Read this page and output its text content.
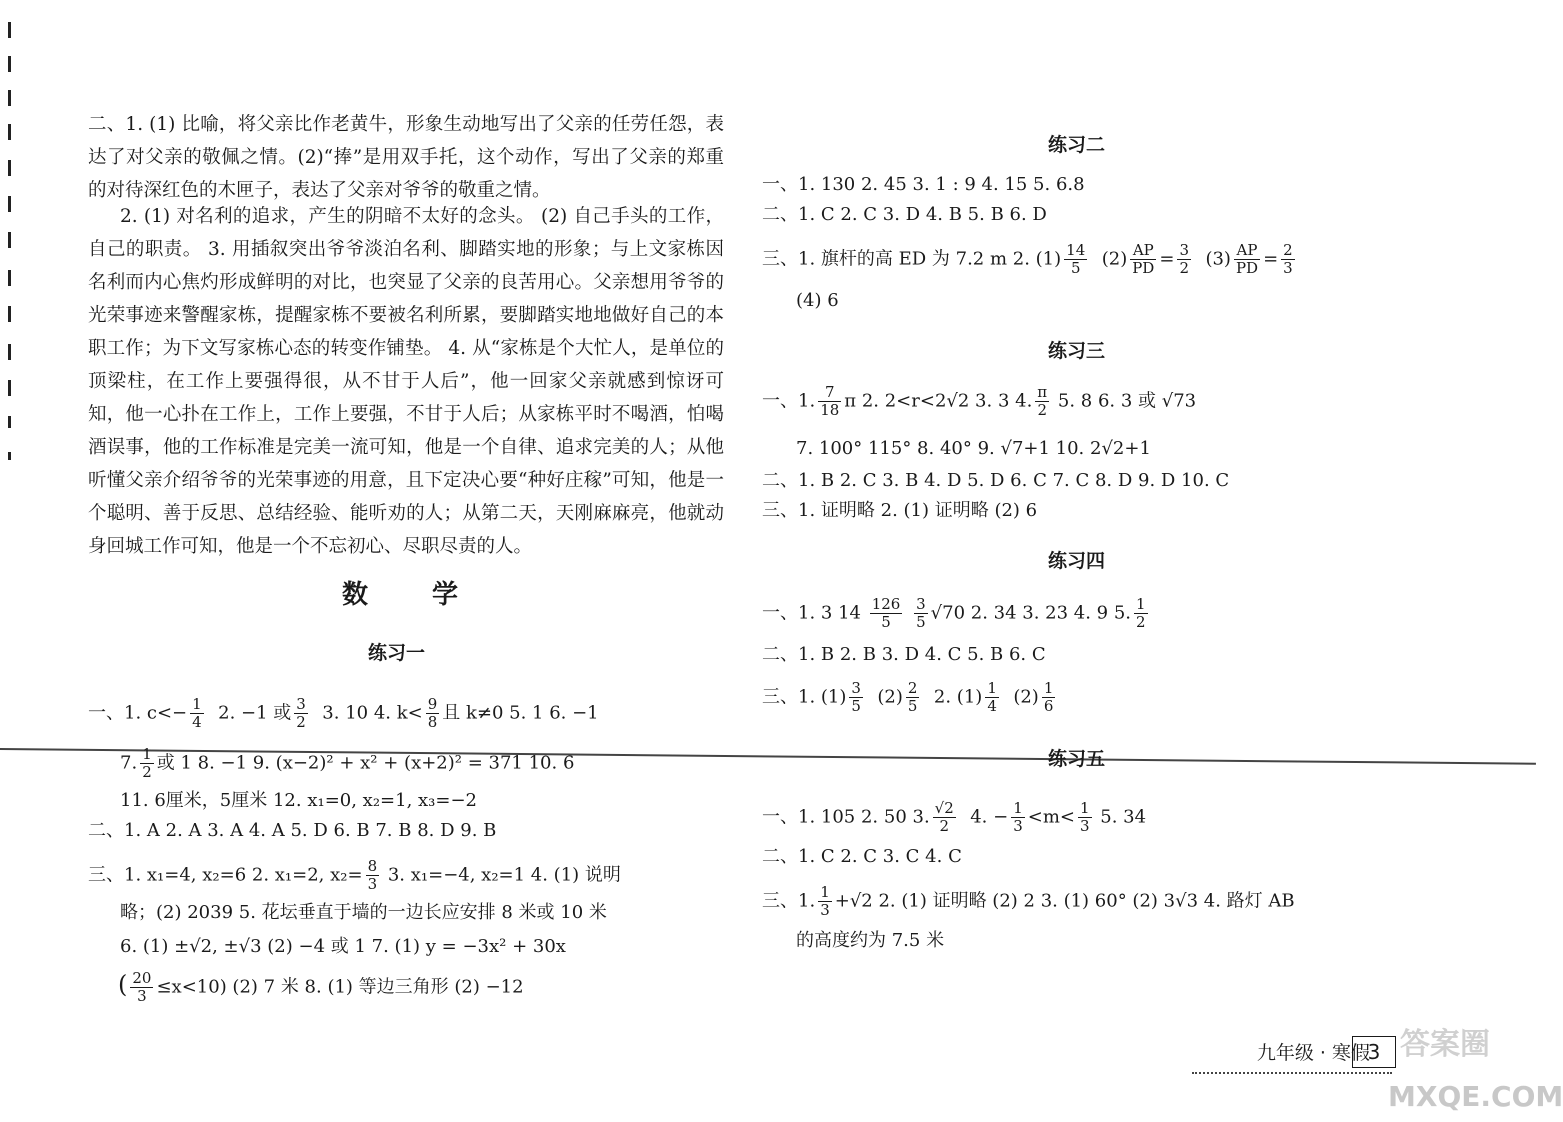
二、1. (1) 比喻，将父亲比作老黄牛，形象生动地写出了父亲的任劳任怨，表达了对父亲的敬佩之情。(2)“捧”是用双手托，这个动作，写出了父亲的郑重的对待深红色的木匣子，表达了父亲对爷爷的敬重之情。
2. (1) 对名利的追求，产生的阴暗不太好的念头。 (2) 自己手头的工作，自己的职责。 3. 用插叙突出爷爷淡泊名利、脚踏实地的形象；与上文家栋因名利而内心焦灼形成鲜明的对比，也突显了父亲的良苦用心。父亲想用爷爷的光荣事迹来警醒家栋，提醒家栋不要被名利所累，要脚踏实地地做好自己的本职工作；为下文写家栋心态的转变作铺垫。 4. 从“家栋是个大忙人，是单位的顶梁柱，在工作上要强得很，从不甘于人后”，他一回家父亲就感到惊讶可知，他一心扑在工作上，工作上要强，不甘于人后；从家栋平时不喝酒，怕喝酒误事，他的工作标准是完美一流可知，他是一个自律、追求完美的人；从他听懂父亲介绍爷爷的光荣事迹的用意，且下定决心要“种好庄稼”可知，他是一个聪明、善于反思、总结经验、能听劝的人；从第二天，天刚麻麻亮，他就动身回城工作可知，他是一个不忘初心、尽职尽责的人。
数学
练习一
一、1. $c<- \frac{1}{4} 2$. −1 或 $\frac{3}{2} 3$. 10 4. $k< \frac{9}{8}$ 且 k≠0 5. 1 6. −1
7. $\frac{1}{2}$ 或 1 8. −1 9. (x−2)² + x² + (x+2)² = 371 10. 6
11. 6厘米，5厘米 12. x₁=0, x₂=1, x₃=−2
二、1. A 2. A 3. A 4. A 5. D 6. B 7. B 8. D 9. B
三、1. x₁=4, x₂=6 2. x₁=2, $x_2= \frac{8}{3} 3$. x₁=−4, x₂=1 4. (1) 说明
略；(2) 2039 5. 花坛垂直于墙的一边长应安排 8 米或 10 米
6. (1) ±√2, ±√3 (2) −4 或 1 7. (1) y = −3x² + 30x
( $\frac{20}{3} \le x<10$) (2) 7 米 8. (1) 等边三角形 (2) −12
练习二
一、1. 130 2. 45 3. 1 : 9 4. 15 5. 6.8
二、1. C 2. C 3. D 4. B 5. B 6. D
三、1. 旗杆的高 ED 为 7.2 m 2. $(1) \frac{14}{5} (2) \frac{AP}{PD} = \frac{3}{2} (3) \frac{AP}{PD} = \frac{2}{3}$
(4) 6
练习三
一、1. $\frac{7}{18}$ π 2. 2<r<2√2 3. 3 4. $\frac{\pi}{2} 5$. 8 6. 3 或 √73
7. 100° 115° 8. 40° 9. √7+1 10. 2√2+1
二、1. B 2. C 3. B 4. D 5. D 6. C 7. C 8. D 9. D 10. C
三、1. 证明略 2. (1) 证明略 (2) 6
练习四
一、1. 3 $14 \frac{126}{5}$
$\frac{3}{5} √70$ 2. 34 3. 23 4. 9 5. $\frac{1}{2}$
二、1. B 2. B 3. D 4. C 5. B 6. C
三、1. $(1) \frac{3}{5} (2) \frac{2}{5} 2$. $(1) \frac{1}{4} (2) \frac{1}{6}$
练习五
一、1. 105 2. 50 3. $\frac{√2}{2} 4$. − $\frac{1}{3} <m< \frac{1}{3} 5$. 34
二、1. C 2. C 3. C 4. C
三、1. $\frac{1}{3} +√2$ 2. (1) 证明略 (2) 2 3. (1) 60° (2) 3√3 4. 路灯 AB
的高度约为 7.5 米
九年级 · 寒假
3 答案圈
MXQE.COM
